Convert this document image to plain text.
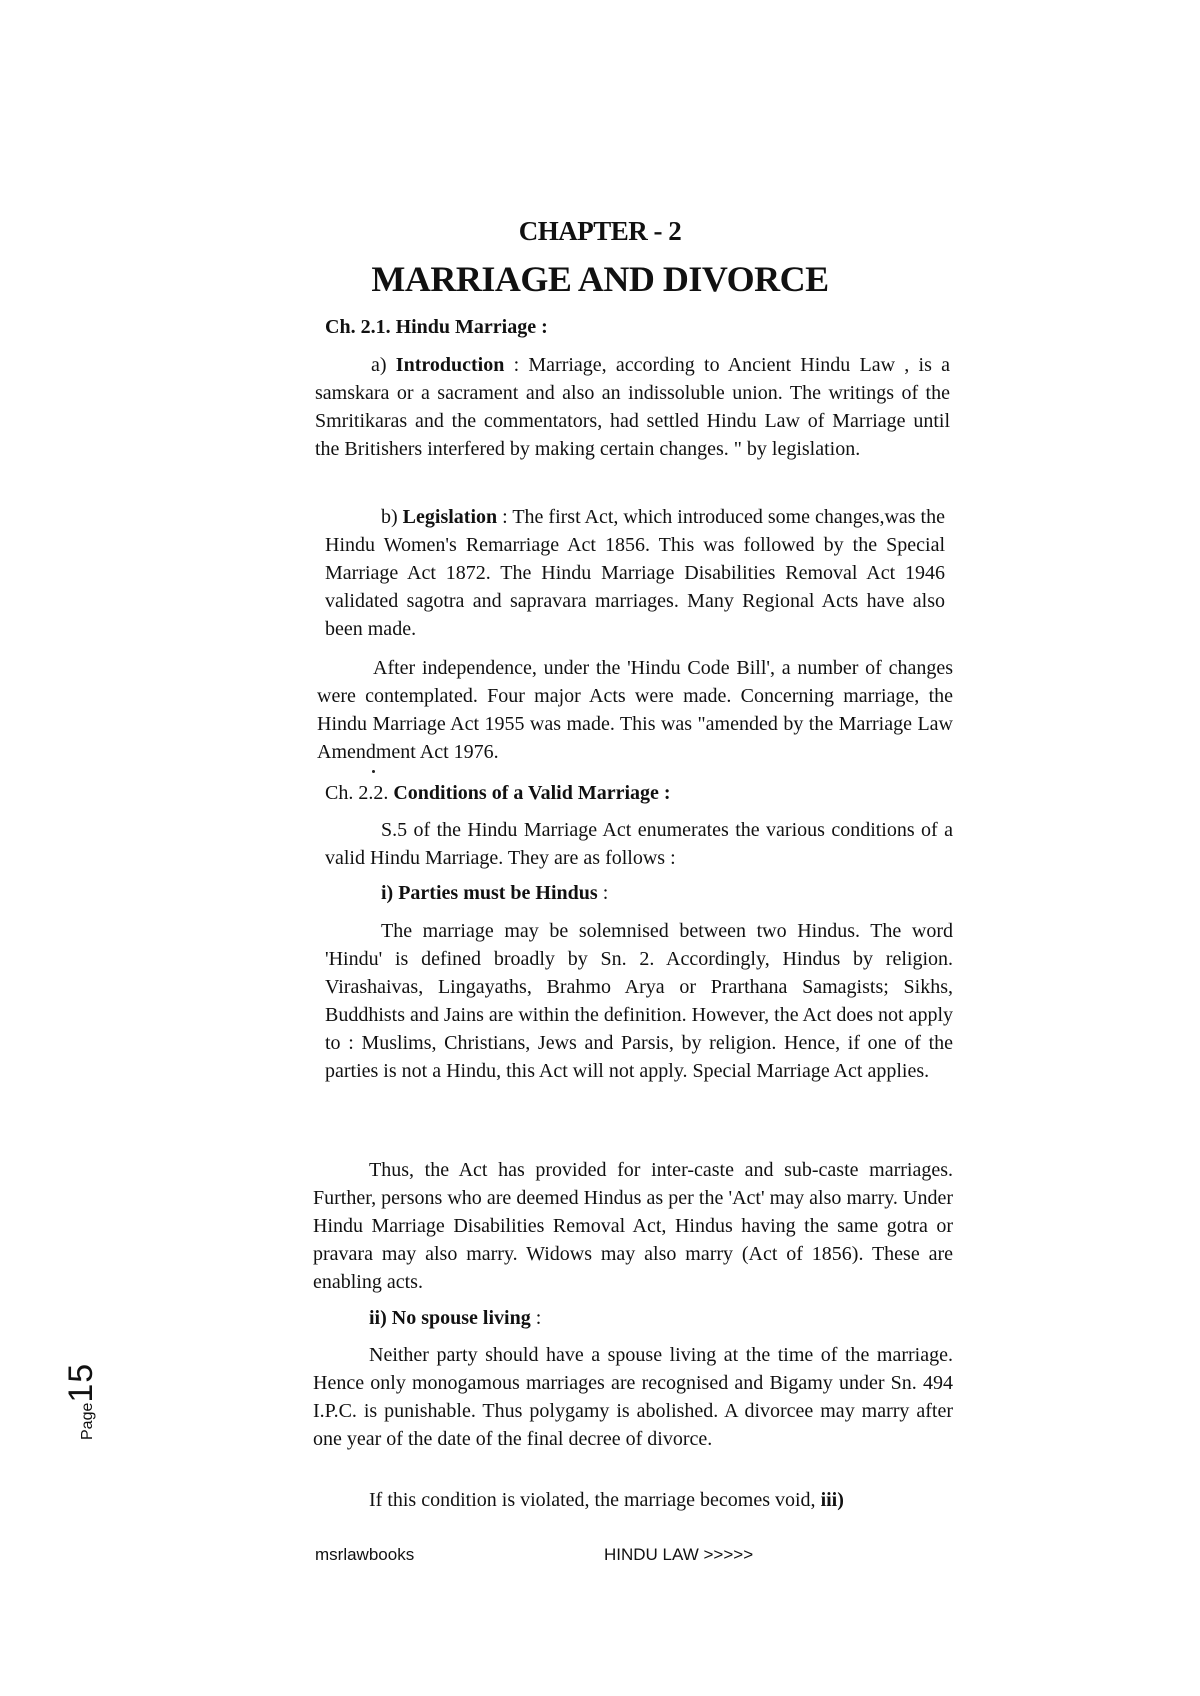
CHAPTER - 2
MARRIAGE AND DIVORCE
Ch. 2.1. Hindu Marriage :
a) Introduction : Marriage, according to Ancient Hindu Law , is a samskara or a sacrament and also an indissoluble union. The writings of the Smritikaras and the commentators, had settled Hindu Law of Marriage until the Britishers interfered by making certain changes. " by legislation.
b) Legislation : The first Act, which introduced some changes,was the Hindu Women's Remarriage Act 1856. This was followed by the Special Marriage Act 1872. The Hindu Marriage Disabilities Removal Act 1946 validated sagotra and sapravara marriages. Many Regional Acts have also been made.
After independence, under the 'Hindu Code Bill', a number of changes were contemplated. Four major Acts were made. Concerning marriage, the Hindu Marriage Act 1955 was made. This was "amended by the Marriage Law Amendment Act 1976.
Ch. 2.2. Conditions of a Valid Marriage :
S.5 of the Hindu Marriage Act enumerates the various conditions of a valid Hindu Marriage. They are as follows :
i) Parties must be Hindus :
The marriage may be solemnised between two Hindus. The word 'Hindu' is defined broadly by Sn. 2. Accordingly, Hindus by religion. Virashaivas, Lingayaths, Brahmo Arya or Prarthana Samagists; Sikhs, Buddhists and Jains are within the definition. However, the Act does not apply to : Muslims, Christians, Jews and Parsis, by religion. Hence, if one of the parties is not a Hindu, this Act will not apply. Special Marriage Act applies.
Thus, the Act has provided for inter-caste and sub-caste marriages. Further, persons who are deemed Hindus as per the 'Act' may also marry. Under Hindu Marriage Disabilities Removal Act, Hindus having the same gotra or pravara may also marry. Widows may also marry (Act of 1856). These are enabling acts.
ii) No spouse living :
Neither party should have a spouse living at the time of the marriage. Hence only monogamous marriages are recognised and Bigamy under Sn. 494 I.P.C. is punishable. Thus polygamy is abolished. A divorcee may marry after one year of the date of the final decree of divorce.
If this condition is violated, the marriage becomes void, iii)
Page15
msrlawbooks	HINDU LAW >>>>>
